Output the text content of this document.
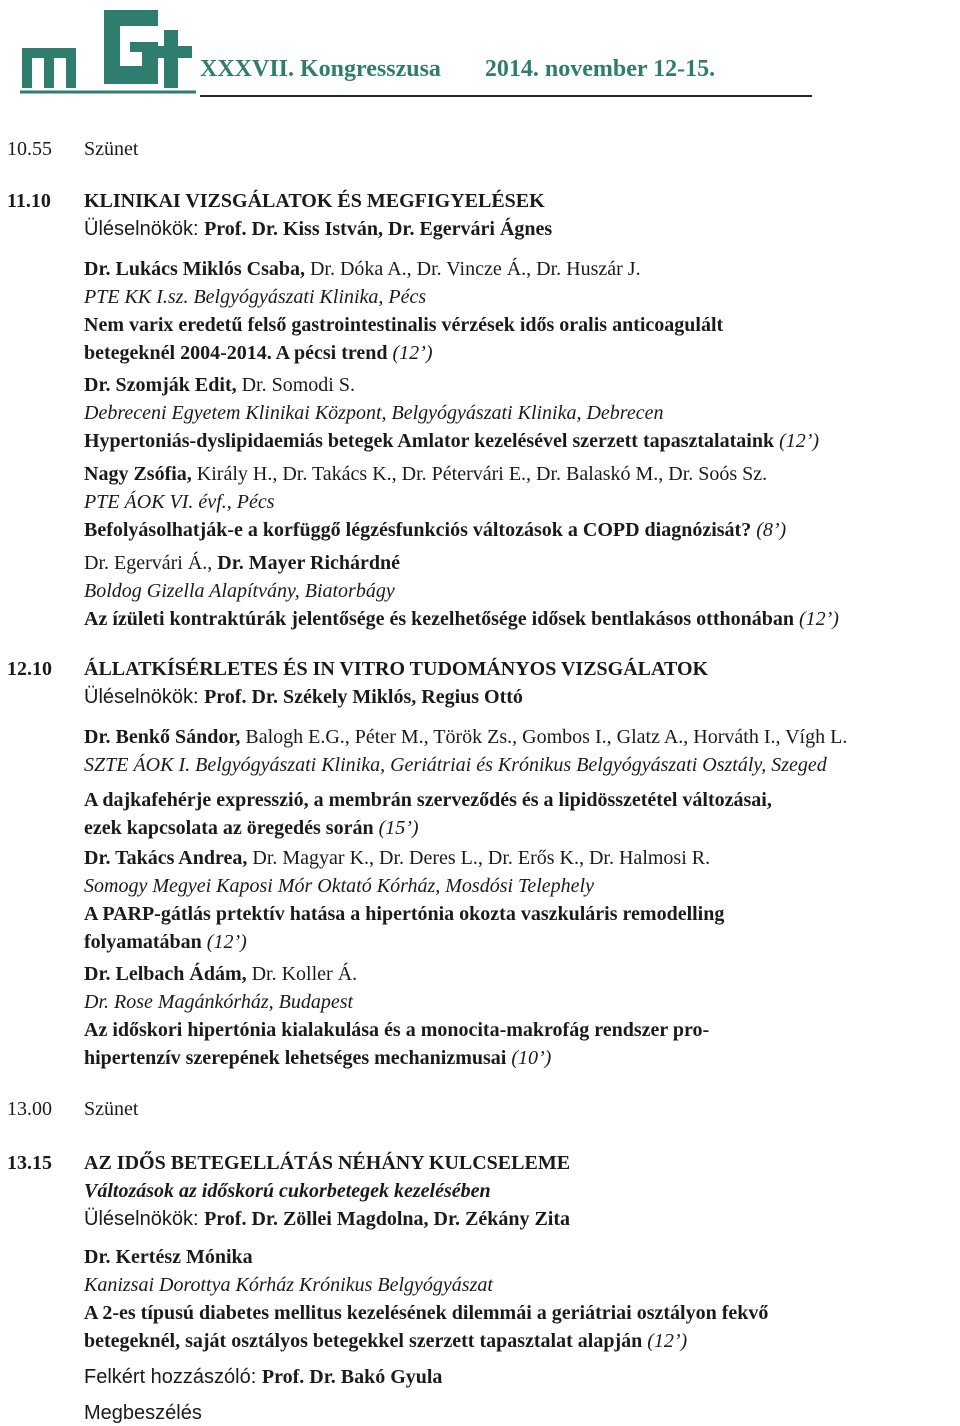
XXXVII. Kongresszusa 2014. november 12-15.
10.55 Szünet
11.10 KLINIKAI VIZSGÁLATOK ÉS MEGFIGYELÉSEK
Üléselnökök: Prof. Dr. Kiss István, Dr. Egervári Ágnes
Dr. Lukács Miklós Csaba, Dr. Dóka A., Dr. Vincze Á., Dr. Huszár J.
PTE KK I.sz. Belgyógyászati Klinika, Pécs
Nem varix eredetű felső gastrointestinalis vérzések idős oralis anticoagulált
betegeknél 2004-2014. A pécsi trend (12’)
Dr. Szomják Edit, Dr. Somodi S.
Debreceni Egyetem Klinikai Központ, Belgyógyászati Klinika, Debrecen
Hypertoniás-dyslipidaemiás betegek Amlator kezelésével szerzett tapasztalataink (12’)
Nagy Zsófia, Király H., Dr. Takács K., Dr. Pétervári E., Dr. Balaskó M., Dr. Soós Sz.
PTE ÁOK VI. évf., Pécs
Befolyásolhatják-e a korfüggő légzésfunkciós változások a COPD diagnózisát? (8’)
Dr. Egervári Á., Dr. Mayer Richárdné
Boldog Gizella Alapítvány, Biatorbágy
Az ízületi kontraktúrák jelentősége és kezelhetősége idősek bentlakásos otthonában (12’)
12.10 ÁLLATKÍSÉRLETES ÉS IN VITRO TUDOMÁNYOS VIZSGÁLATOK
Üléselnökök: Prof. Dr. Székely Miklós, Regius Ottó
Dr. Benkő Sándor, Balogh E.G., Péter M., Török Zs., Gombos I., Glatz A., Horváth I., Vígh L.
SZTE ÁOK I. Belgyógyászati Klinika, Geriátriai és Krónikus Belgyógyászati Osztály, Szeged
A dajkafehérje expresszió, a membrán szerveződés és a lipidösszetétel változásai,
ezek kapcsolata az öregedés során (15’)
Dr. Takács Andrea, Dr. Magyar K., Dr. Deres L., Dr. Erős K., Dr. Halmosi R.
Somogy Megyei Kaposi Mór Oktató Kórház, Mosdósi Telephely
A PARP-gátlás prtektív hatása a hipertónia okozta vaszkuláris remodelling
folyamatában (12’)
Dr. Lelbach Ádám, Dr. Koller Á.
Dr. Rose Magánkórház, Budapest
Az időskori hipertónia kialakulása és a monocita-makrofág rendszer pro-
hipertenzív szerepének lehetséges mechanizmusai (10’)
13.00 Szünet
13.15 AZ IDŐS BETEGELLÁTÁS NÉHÁNY KULCSELEME
Változások az időskorú cukorbetegek kezelésében
Üléselnökök: Prof. Dr. Zöllei Magdolna, Dr. Zékány Zita
Dr. Kertész Mónika
Kanizsai Dorottya Kórház Krónikus Belgyógyászat
A 2-es típusú diabetes mellitus kezelésének dilemmái a geriátriai osztályon fekvő
betegeknél, saját osztályos betegekkel szerzett tapasztalat alapján (12’)
Felkért hozzászóló: Prof. Dr. Bakó Gyula
Megbeszélés
